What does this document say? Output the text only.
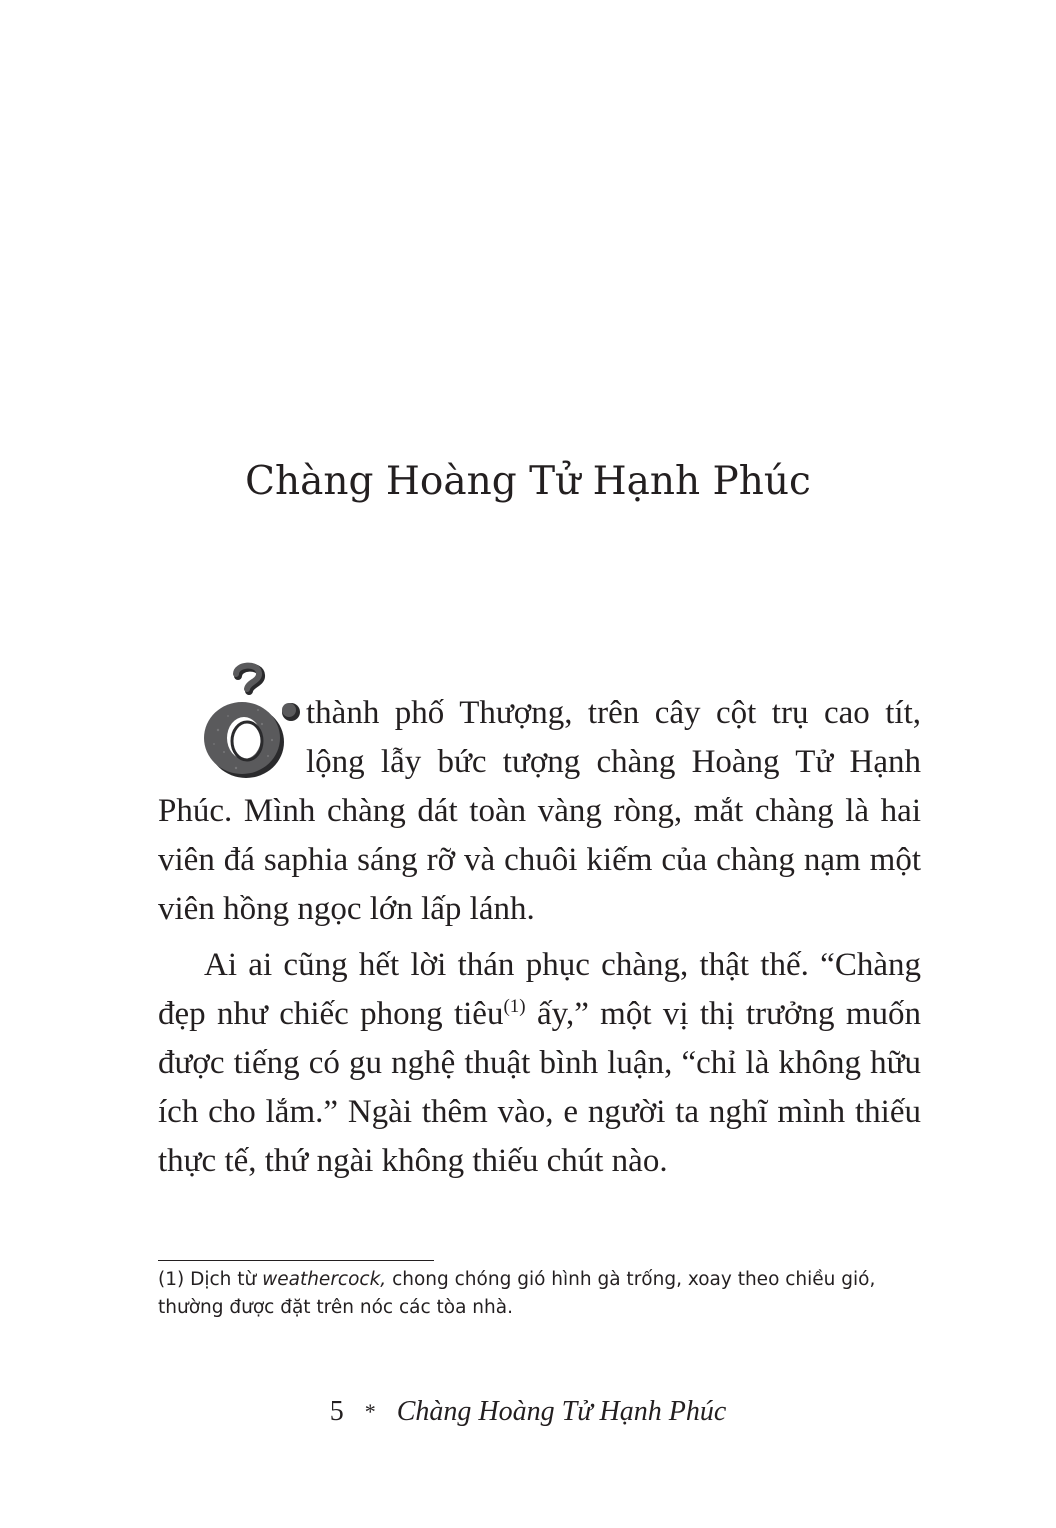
Chàng Hoàng Tử Hạnh Phúc
thành phố Thượng, trên cây cột trụ cao tít,
lộng lẫy bức tượng chàng Hoàng Tử Hạnh
Phúc. Mình chàng dát toàn vàng ròng, mắt chàng là hai viên đá saphia sáng rỡ và chuôi kiếm của chàng nạm một viên hồng ngọc lớn lấp lánh.
Ai ai cũng hết lời thán phục chàng, thật thế. “Chàng đẹp như chiếc phong tiêu$^{(1)}$ ấy,” một vị thị trưởng muốn được tiếng có gu nghệ thuật bình luận, “chỉ là không hữu ích cho lắm.” Ngài thêm vào, e người ta nghĩ mình thiếu thực tế, thứ ngài không thiếu chút nào.
(1) Dịch từ weathercock, chong chóng gió hình gà trống, xoay theo chiều gió, thường được đặt trên nóc các tòa nhà.
5 * Chàng Hoàng Tử Hạnh Phúc
